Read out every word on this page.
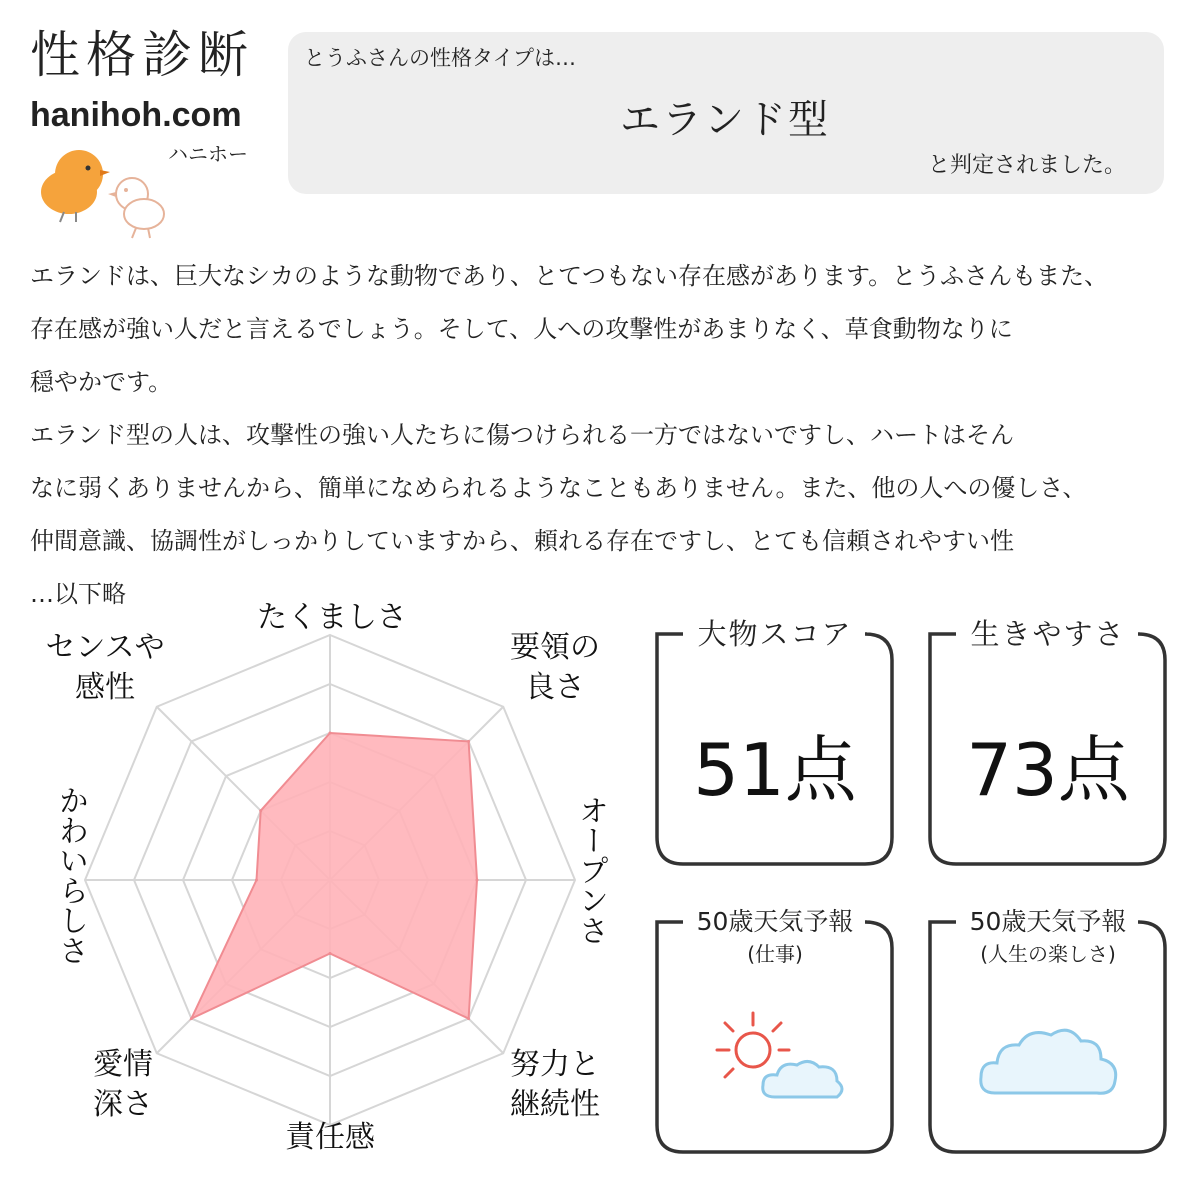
性格診断
hanihoh.com
ハニホー
とうふさんの性格タイプは…
エランド型
と判定されました。

エランドは、巨大なシカのような動物であり、とてつもない存在感があります。とうふさんもまた、

存在感が強い人だと言えるでしょう。そして、人への攻撃性があまりなく、草食動物なりに

穏やかです。

エランド型の人は、攻撃性の強い人たちに傷つけられる一方ではないですし、ハートはそん

なに弱くありませんから、簡単になめられるようなこともありません。また、他の人への優しさ、

仲間意識、協調性がしっかりしていますから、頼れる存在ですし、とても信頼されやすい性

…以下略

たくましさ
要領の
良さ
オープンさ
努力と
継続性
責任感
愛情
深さ
かわいらしさ
センスや
感性
大物スコア
51点
生きやすさ
73点
50歳天気予報
(仕事)
50歳天気予報
(人生の楽しさ)
